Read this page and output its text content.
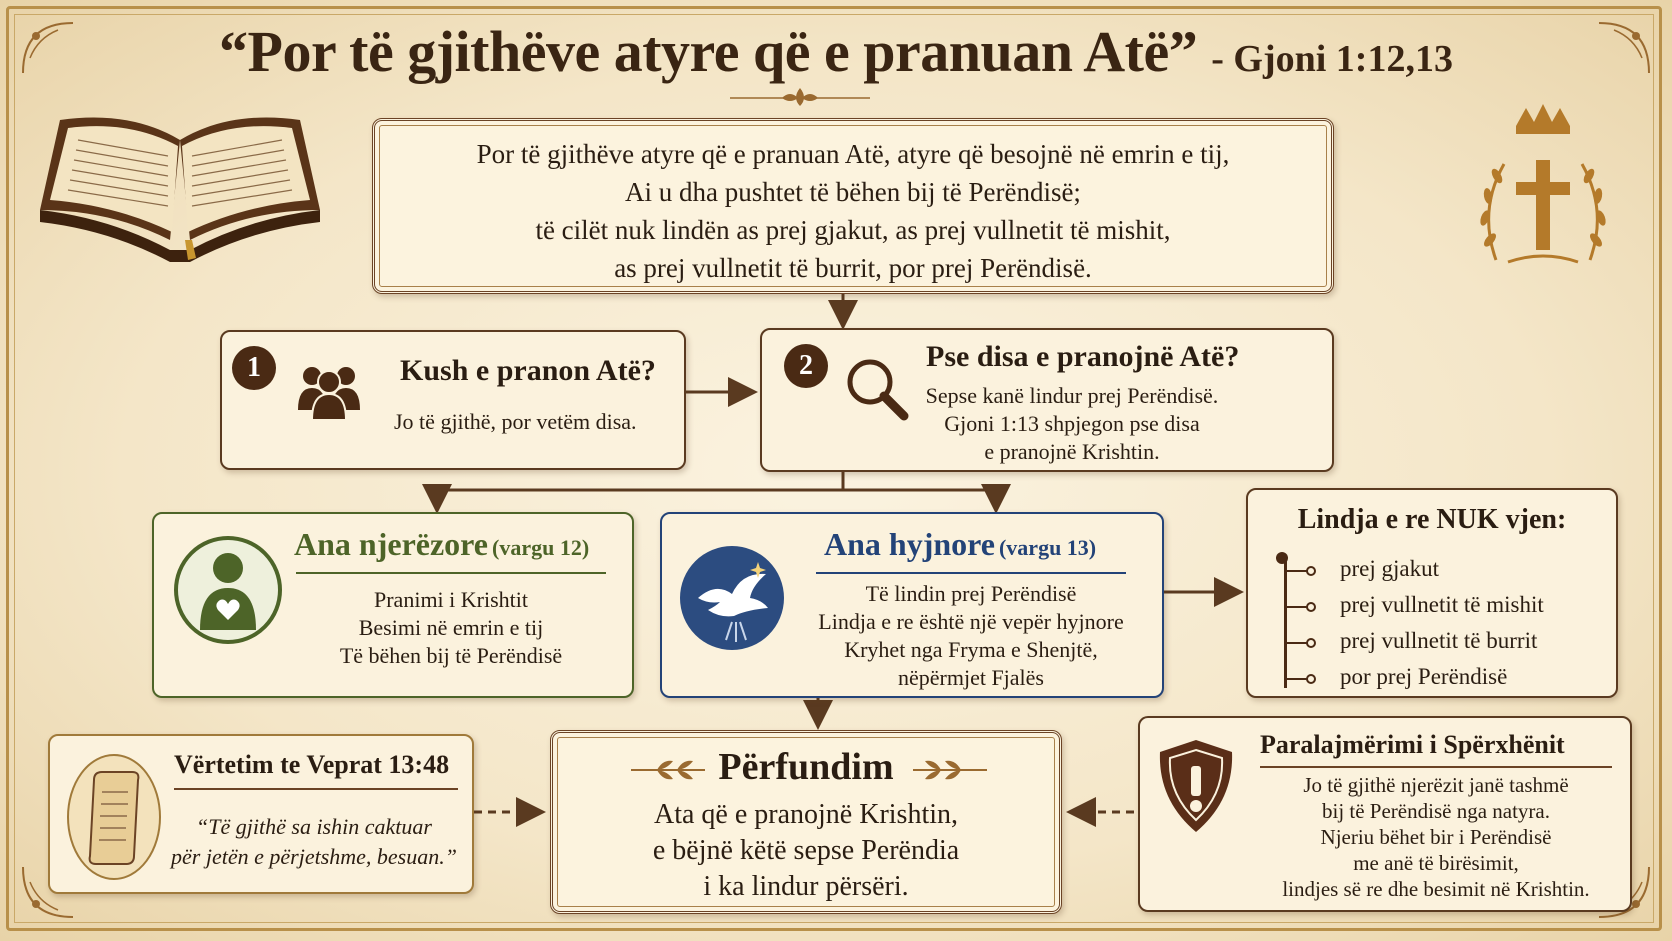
“Por të gjithëve atyre që e pranuan Atë” - Gjoni 1:12,13
Por të gjithëve atyre që e pranuan Atë, atyre që besojnë në emrin e tij,
Ai u dha pushtet të bëhen bij të Perëndisë;
të cilët nuk lindën as prej gjakut, as prej vullnetit të mishit,
as prej vullnetit të burrit, por prej Perëndisë.
1	Kush e pranon Atë?
Jo të gjithë, por vetëm disa.
2	Pse disa e pranojnë Atë?
Sepse kanë lindur prej Perëndisë.
Gjoni 1:13 shpjegon pse disa
e pranojnë Krishtin.
Ana njerëzore (vargu 12)
Pranimi i Krishtit
Besimi në emrin e tij
Të bëhen bij të Perëndisë
Ana hyjnore (vargu 13)
Të lindin prej Perëndisë
Lindja e re është një vepër hyjnore
Kryhet nga Fryma e Shenjtë,
nëpërmjet Fjalës
Lindja e re NUK vjen:
prej gjakut
prej vullnetit të mishit
prej vullnetit të burrit
por prej Perëndisë
Vërtetim te Veprat 13:48
“Të gjithë sa ishin caktuar
për jetën e përjetshme, besuan.”
Përfundim
Ata që e pranojnë Krishtin,
e bëjnë këtë sepse Perëndia
i ka lindur përsëri.
Paralajmërimi i Spërxhënit
Jo të gjithë njerëzit janë tashmë
bij të Perëndisë nga natyra.
Njeriu bëhet bir i Perëndisë
me anë të birësimit,
lindjes së re dhe besimit në Krishtin.
